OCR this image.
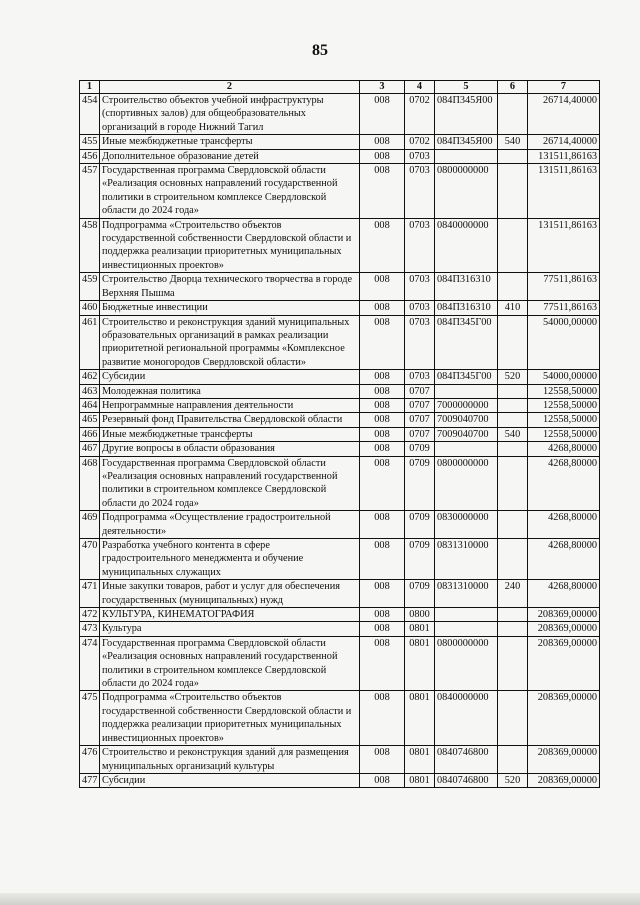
85
1	2	3	4	5	6	7
454	Строительство объектов учебной инфраструктуры (спортивных залов) для общеобразовательных организаций в городе Нижний Тагил	008	0702	084П345Я00		26714,40000
455	Иные межбюджетные трансферты	008	0702	084П345Я00	540	26714,40000
456	Дополнительное образование детей	008	0703			131511,86163
457	Государственная программа Свердловской области «Реализация основных направлений государственной политики в строительном комплексе Свердловской области до 2024 года»	008	0703	0800000000		131511,86163
458	Подпрограмма «Строительство объектов государственной собственности Свердловской области и поддержка реализации приоритетных муниципальных инвестиционных проектов»	008	0703	0840000000		131511,86163
459	Строительство Дворца технического творчества в городе Верхняя Пышма	008	0703	084П316310		77511,86163
460	Бюджетные инвестиции	008	0703	084П316310	410	77511,86163
461	Строительство и реконструкция зданий муниципальных образовательных организаций в рамках реализации приоритетной региональной программы «Комплексное развитие моногородов Свердловской области»	008	0703	084П345Г00		54000,00000
462	Субсидии	008	0703	084П345Г00	520	54000,00000
463	Молодежная политика	008	0707			12558,50000
464	Непрограммные направления деятельности	008	0707	7000000000		12558,50000
465	Резервный фонд Правительства Свердловской области	008	0707	7009040700		12558,50000
466	Иные межбюджетные трансферты	008	0707	7009040700	540	12558,50000
467	Другие вопросы в области образования	008	0709			4268,80000
468	Государственная программа Свердловской области «Реализация основных направлений государственной политики в строительном комплексе Свердловской области до 2024 года»	008	0709	0800000000		4268,80000
469	Подпрограмма «Осуществление градостроительной деятельности»	008	0709	0830000000		4268,80000
470	Разработка учебного контента в сфере градостроительного менеджмента и обучение муниципальных служащих	008	0709	0831310000		4268,80000
471	Иные закупки товаров, работ и услуг для обеспечения государственных (муниципальных) нужд	008	0709	0831310000	240	4268,80000
472	КУЛЬТУРА, КИНЕМАТОГРАФИЯ	008	0800			208369,00000
473	Культура	008	0801			208369,00000
474	Государственная программа Свердловской области «Реализация основных направлений государственной политики в строительном комплексе Свердловской области до 2024 года»	008	0801	0800000000		208369,00000
475	Подпрограмма «Строительство объектов государственной собственности Свердловской области и поддержка реализации приоритетных муниципальных инвестиционных проектов»	008	0801	0840000000		208369,00000
476	Строительство и реконструкция зданий для размещения муниципальных организаций культуры	008	0801	0840746800		208369,00000
477	Субсидии	008	0801	0840746800	520	208369,00000
